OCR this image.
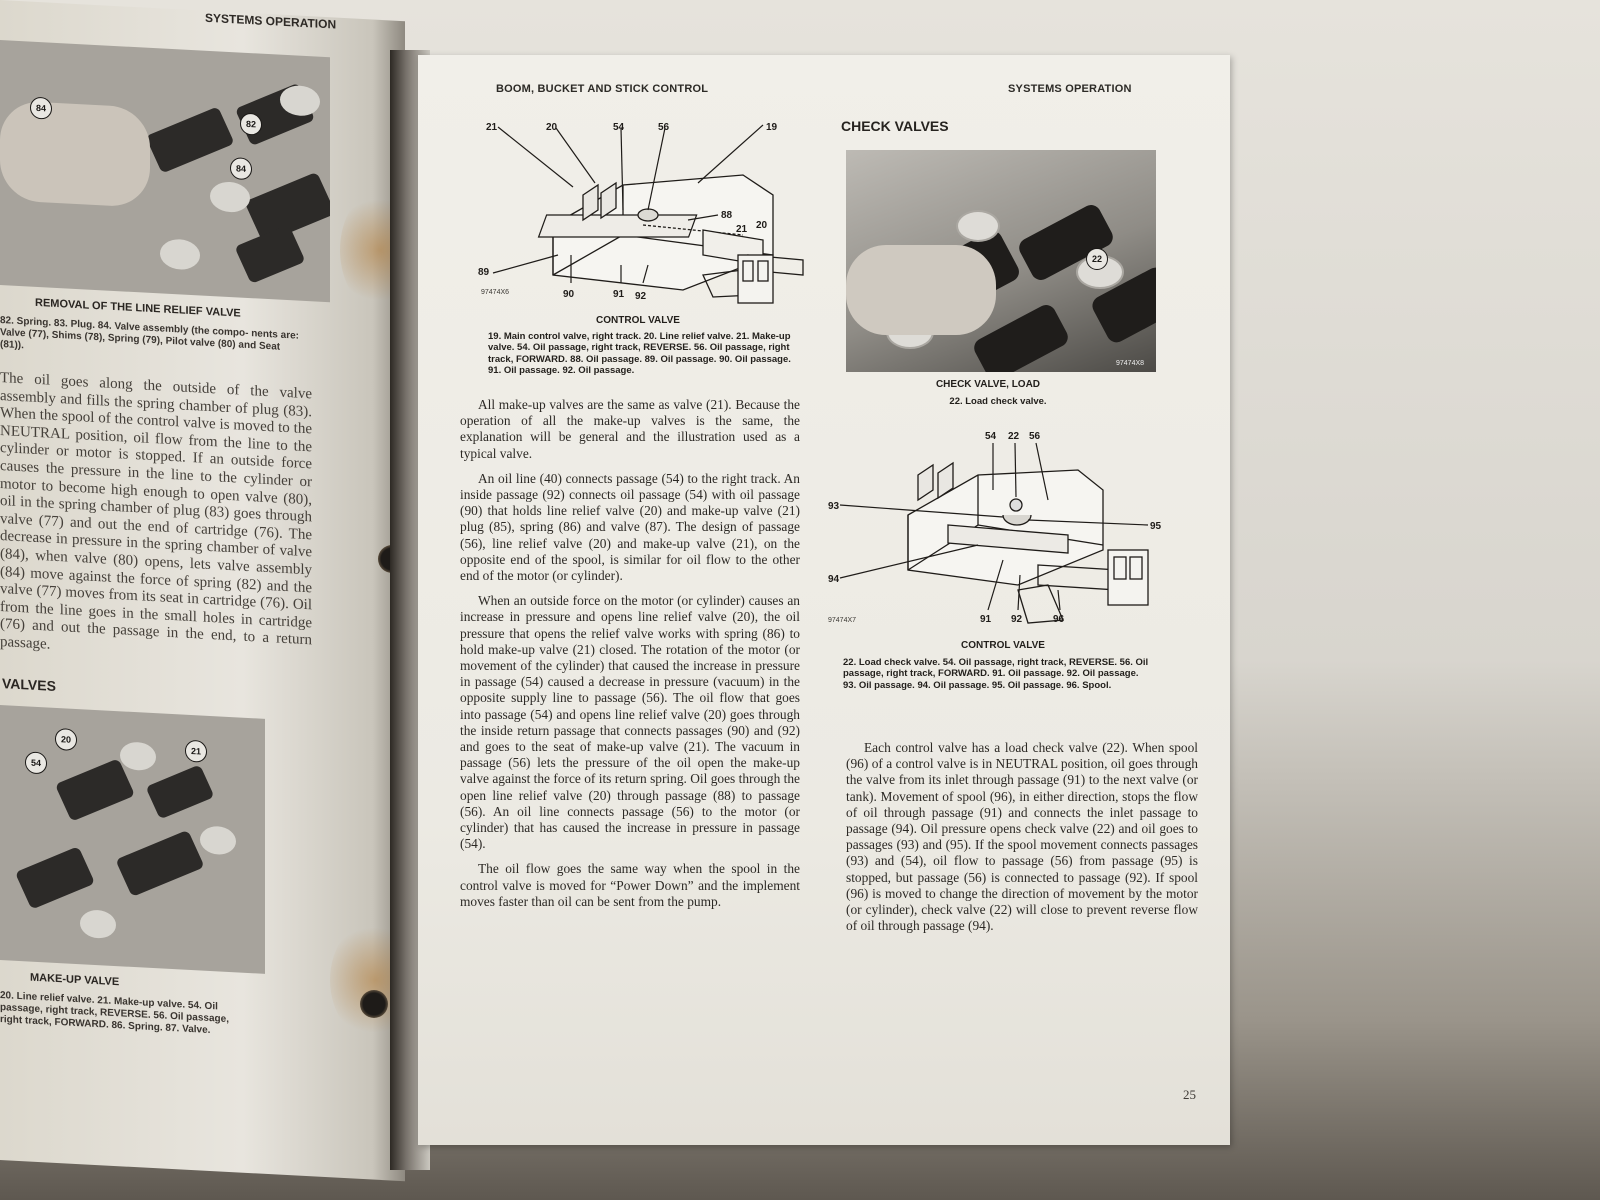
SYSTEMS OPERATION
84
82
84
REMOVAL OF THE LINE RELIEF VALVE
82. Spring. 83. Plug. 84. Valve assembly (the compo- nents are: Valve (77), Shims (78), Spring (79), Pilot valve (80) and Seat (81)).
The oil goes along the outside of the valve assembly and fills the spring chamber of plug (83). When the spool of the control valve is moved to the NEUTRAL position, oil flow from the line to the cylinder or motor is stopped. If an outside force causes the pressure in the line to the cylinder or motor to become high enough to open valve (80), oil in the spring chamber of plug (83) goes through valve (77) and out the end of cartridge (76). The decrease in pressure in the spring chamber of valve (84), when valve (80) opens, lets valve assembly (84) move against the force of spring (82) and the valve (77) moves from its seat in cartridge (76). Oil from the line goes in the small holes in cartridge (76) and out the passage in the end, to a return passage.
VALVES
20
54
21
MAKE-UP VALVE
20. Line relief valve. 21. Make-up valve. 54. Oil passage, right track, REVERSE. 56. Oil passage, right track, FORWARD. 86. Spring. 87. Valve.
BOOM, BUCKET AND STICK CONTROL	SYSTEMS OPERATION
21	20	54	56	19
88
21 20
89
90	91 92
97474X6
CONTROL VALVE
19. Main control valve, right track. 20. Line relief valve. 21. Make-up valve. 54. Oil passage, right track, REVERSE. 56. Oil passage, right track, FORWARD. 88. Oil passage. 89. Oil passage. 90. Oil passage. 91. Oil passage. 92. Oil passage.

All make-up valves are the same as valve (21). Because the operation of all the make-up valves is the same, the explanation will be general and the illustration used as a typical valve.

An oil line (40) connects passage (54) to the right track. An inside passage (92) connects oil passage (54) with oil passage (90) that holds line relief valve (20) and make-up valve (21) plug (85), spring (86) and valve (87). The design of passage (56), line relief valve (20) and make-up valve (21), on the opposite end of the spool, is similar for oil flow to the other end of the motor (or cylinder).

When an outside force on the motor (or cylinder) causes an increase in pressure and opens line relief valve (20), the oil pressure that opens the relief valve works with spring (86) to hold make-up valve (21) closed. The rotation of the motor (or movement of the cylinder) that caused the increase in pressure in passage (54) caused a decrease in pressure (vacuum) in the opposite supply line to passage (56). The oil flow that goes into passage (54) and opens line relief valve (20) goes through the inside return passage that connects passages (90) and (92) and goes to the seat of make-up valve (21). The vacuum in passage (56) lets the pressure of the oil open the make-up valve against the force of its return spring. Oil goes through the open line relief valve (20) through passage (88) to passage (56). An oil line connects passage (56) to the motor (or cylinder) that has caused the increase in pressure in passage (54).

The oil flow goes the same way when the spool in the control valve is moved for “Power Down” and the implement moves faster than oil can be sent from the pump.

CHECK VALVES
22
97474X8
CHECK VALVE, LOAD
22. Load check valve.
54 22 56
93
95
94
91 92	96
97474X7
CONTROL VALVE
22. Load check valve. 54. Oil passage, right track, REVERSE. 56. Oil passage, right track, FORWARD. 91. Oil passage. 92. Oil passage. 93. Oil passage. 94. Oil passage. 95. Oil passage. 96. Spool.

Each control valve has a load check valve (22). When spool (96) of a control valve is in NEUTRAL position, oil goes through the valve from its inlet through passage (91) to the next valve (or tank). Movement of spool (96), in either direction, stops the flow of oil through passage (91) and connects the inlet passage to passage (94). Oil pressure opens check valve (22) and oil goes to passages (93) and (95). If the spool movement connects passages (93) and (54), oil flow to passage (56) from passage (95) is stopped, but passage (56) is connected to passage (92). If spool (96) is moved to change the direction of movement by the motor (or cylinder), check valve (22) will close to prevent reverse flow of oil through passage (94).

25
